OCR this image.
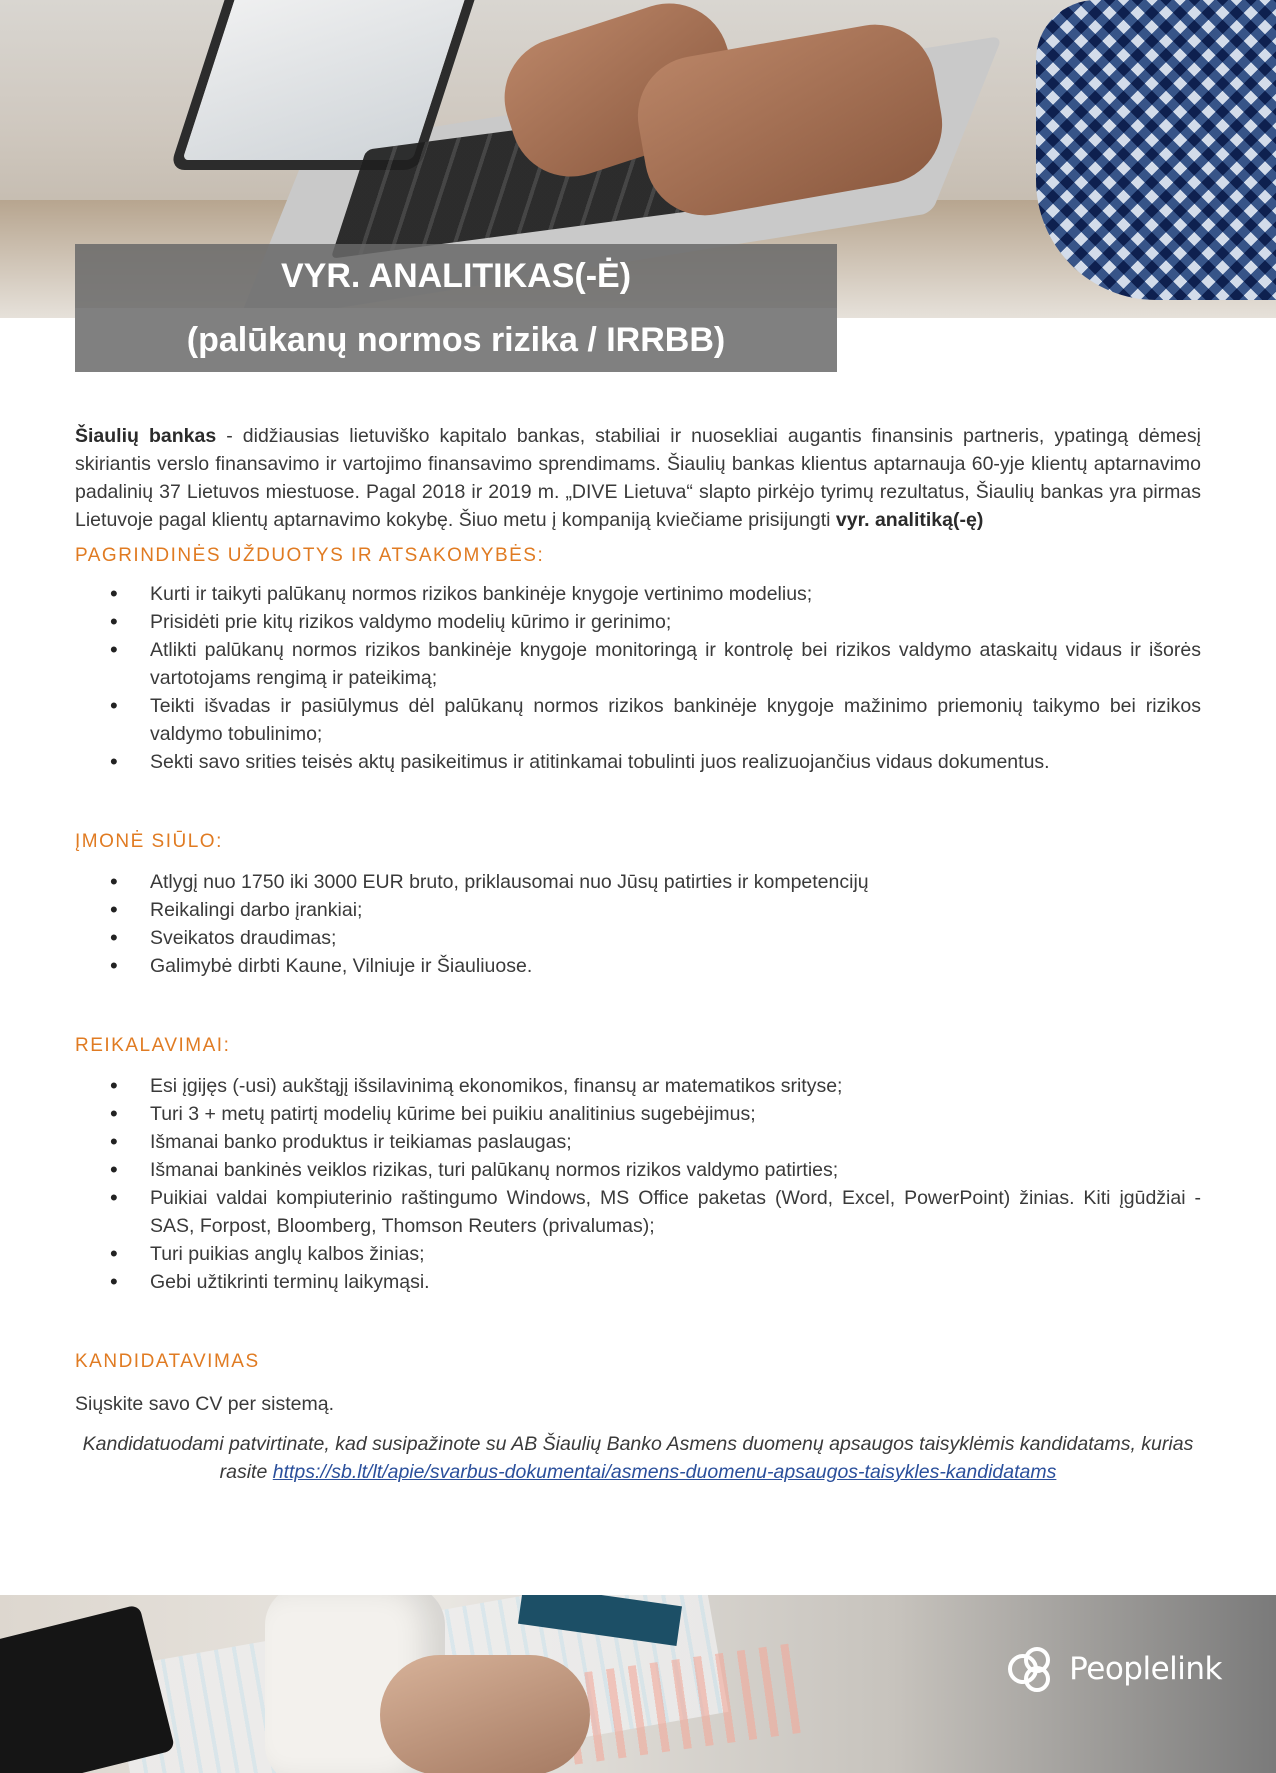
VYR. ANALITIKAS(-Ė)
(palūkanų normos rizika / IRRBB)

Šiaulių bankas - didžiausias lietuviško kapitalo bankas, stabiliai ir nuosekliai augantis finansinis partneris, ypatingą dėmesį skiriantis verslo finansavimo ir vartojimo finansavimo sprendimams. Šiaulių bankas klientus aptarnauja 60-yje klientų aptarnavimo padalinių 37 Lietuvos miestuose. Pagal 2018 ir 2019 m. „DIVE Lietuva“ slapto pirkėjo tyrimų rezultatus, Šiaulių bankas yra pirmas Lietuvoje pagal klientų aptarnavimo kokybę. Šiuo metu į kompaniją kviečiame prisijungti vyr. analitiką(-ę)

PAGRINDINĖS UŽDUOTYS IR ATSAKOMYBĖS:

• Kurti ir taikyti palūkanų normos rizikos bankinėje knygoje vertinimo modelius;
• Prisidėti prie kitų rizikos valdymo modelių kūrimo ir gerinimo;
• Atlikti palūkanų normos rizikos bankinėje knygoje monitoringą ir kontrolę bei rizikos valdymo ataskaitų vidaus ir išorės vartotojams rengimą ir pateikimą;
• Teikti išvadas ir pasiūlymus dėl palūkanų normos rizikos bankinėje knygoje mažinimo priemonių taikymo bei rizikos valdymo tobulinimo;
• Sekti savo srities teisės aktų pasikeitimus ir atitinkamai tobulinti juos realizuojančius vidaus dokumentus.

ĮMONĖ SIŪLO:

• Atlygį nuo 1750 iki 3000 EUR bruto, priklausomai nuo Jūsų patirties ir kompetencijų
• Reikalingi darbo įrankiai;
• Sveikatos draudimas;
• Galimybė dirbti Kaune, Vilniuje ir Šiauliuose.

REIKALAVIMAI:

• Esi įgijęs (-usi) aukštąjį išsilavinimą ekonomikos, finansų ar matematikos srityse;
• Turi 3 + metų patirtį modelių kūrime bei puikiu analitinius sugebėjimus;
• Išmanai banko produktus ir teikiamas paslaugas;
• Išmanai bankinės veiklos rizikas, turi palūkanų normos rizikos valdymo patirties;
• Puikiai valdai kompiuterinio raštingumo Windows, MS Office paketas (Word, Excel, PowerPoint) žinias. Kiti įgūdžiai - SAS, Forpost, Bloomberg, Thomson Reuters (privalumas);
• Turi puikias anglų kalbos žinias;
• Gebi užtikrinti terminų laikymąsi.

KANDIDATAVIMAS

Siųskite savo CV per sistemą.

Kandidatuodami patvirtinate, kad susipažinote su AB Šiaulių Banko Asmens duomenų apsaugos taisyklėmis kandidatams, kurias rasite https://sb.lt/lt/apie/svarbus-dokumentai/asmens-duomenu-apsaugos-taisykles-kandidatams

Peoplelink
